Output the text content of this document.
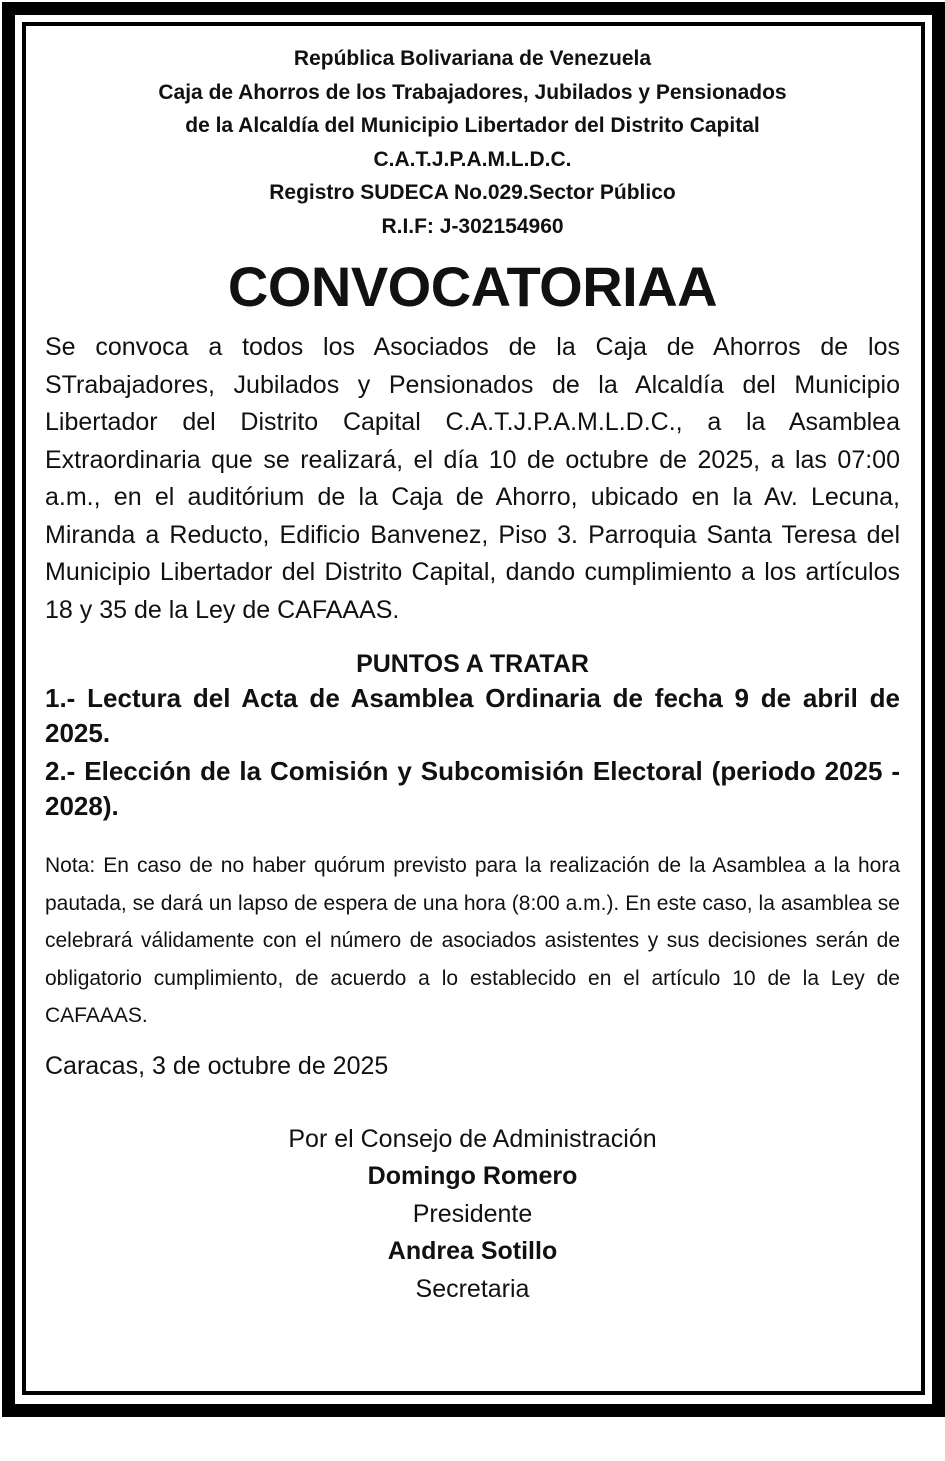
República Bolivariana de Venezuela
Caja de Ahorros de los Trabajadores, Jubilados y Pensionados
de la Alcaldía del Municipio Libertador del Distrito Capital
C.A.T.J.P.A.M.L.D.C.
Registro SUDECA No.029.Sector Público
R.I.F: J-302154960
CONVOCATORIAA
Se convoca a todos los Asociados de la Caja de Ahorros de los STrabajadores, Jubilados y Pensionados de la Alcaldía del Municipio Libertador del Distrito Capital C.A.T.J.P.A.M.L.D.C., a la Asamblea Extraordinaria que se realizará, el día 10 de octubre de 2025, a las 07:00 a.m., en el auditórium de la Caja de Ahorro, ubicado en la Av. Lecuna, Miranda a Reducto, Edificio Banvenez, Piso 3. Parroquia Santa Teresa del Municipio Libertador del Distrito Capital, dando cumplimiento a los artículos 18 y 35 de la Ley de CAFAAAS.
PUNTOS A TRATAR
1.- Lectura del Acta de Asamblea Ordinaria de fecha 9 de abril de 2025.
2.- Elección de la Comisión y Subcomisión Electoral (periodo 2025 - 2028).
Nota: En caso de no haber quórum previsto para la realización de la Asamblea a la hora pautada, se dará un lapso de espera de una hora (8:00 a.m.). En este caso, la asamblea se celebrará válidamente con el número de asociados asistentes y sus decisiones serán de obligatorio cumplimiento, de acuerdo a lo establecido en el artículo 10 de la Ley de CAFAAAS.
Caracas, 3 de octubre de 2025
Por el Consejo de Administración
Domingo Romero
Presidente
Andrea Sotillo
Secretaria
